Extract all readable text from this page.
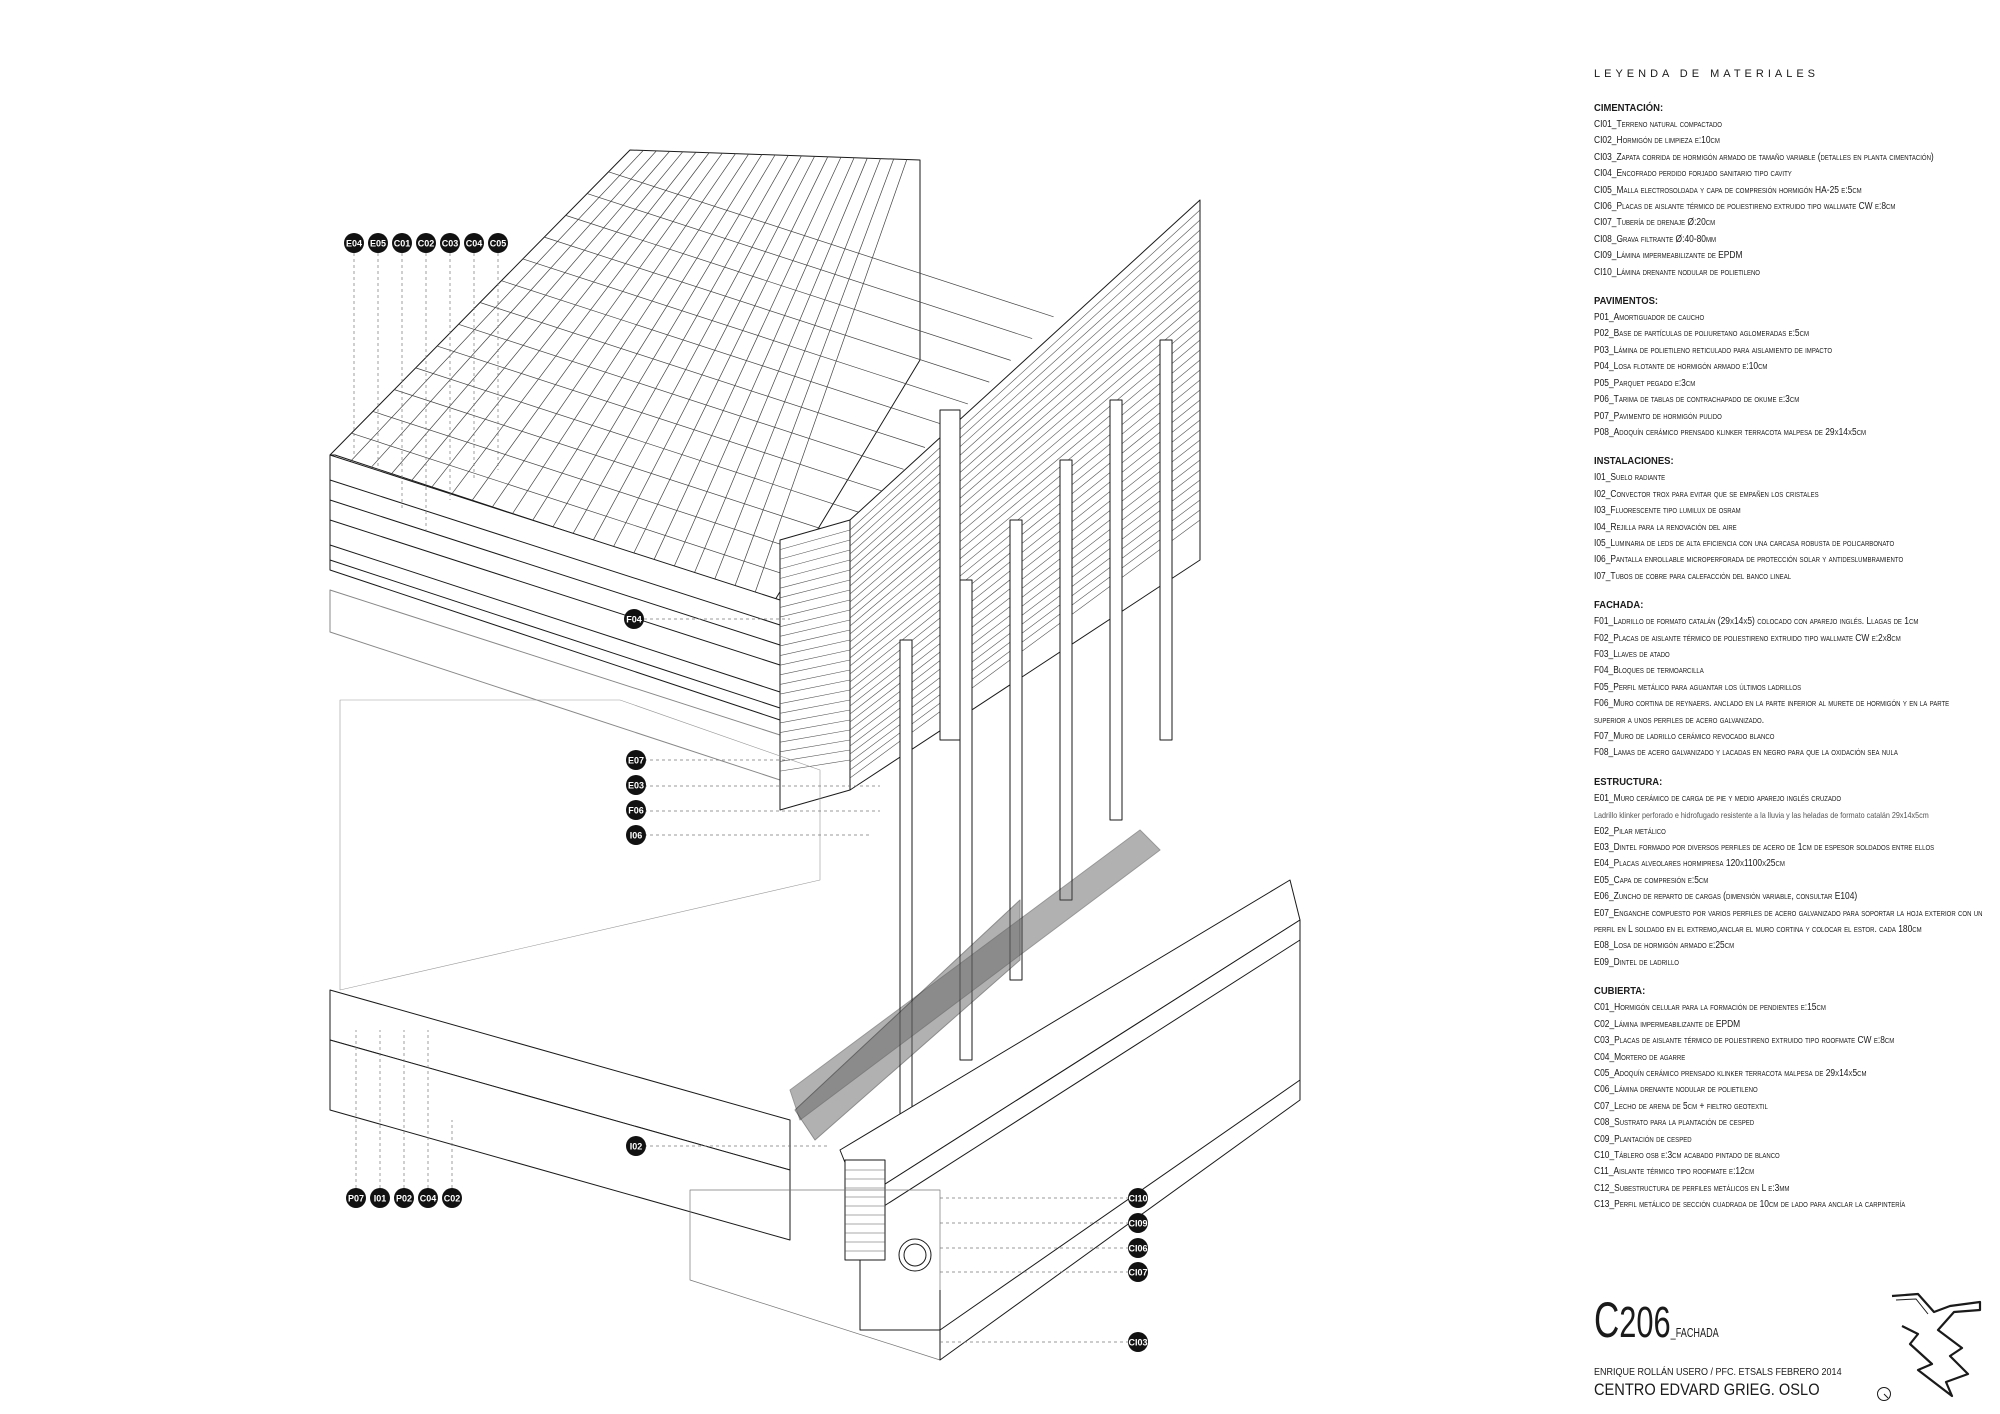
E04 E05 C01 C02 C03 C04 C05
P07 I01 P02 C04 C02
F04
E07
E03
F06
I06
I02
CI10
CI09
CI06
CI07
CI03
LEYENDA DE MATERIALES
CIMENTACIÓN:
CI01_Terreno natural compactado
CI02_Hormigón de limpieza e:10cm
CI03_Zapata corrida de hormigón armado de tamaño variable (detalles en planta cimentación)
CI04_Encofrado perdido forjado sanitario tipo cavity
CI05_Malla electrosoldada y capa de compresión hormigón HA-25 e:5cm
CI06_Placas de aislante térmico de poliestireno extruido tipo wallmate CW e:8cm
CI07_Tubería de drenaje Ø:20cm
CI08_Grava filtrante Ø:40-80mm
CI09_Lámina impermeabilizante de EPDM
CI10_Lámina drenante nodular de polietileno
PAVIMENTOS:
P01_Amortiguador de caucho
P02_Base de partículas de poliuretano aglomeradas e:5cm
P03_Lámina de polietileno reticulado para aislamiento de impacto
P04_Losa flotante de hormigón armado e:10cm
P05_Parquet pegado e:3cm
P06_Tarima de tablas de contrachapado de okume e:3cm
P07_Pavimento de hormigón pulido
P08_Adoquín cerámico prensado klinker terracota malpesa de 29x14x5cm
INSTALACIONES:
I01_Suelo radiante
I02_Convector trox para evitar que se empañen los cristales
I03_Fluorescente tipo lumilux de osram
I04_Rejilla para la renovación del aire
I05_Luminaria de leds de alta eficiencia con una carcasa robusta de policarbonato
I06_Pantalla enrollable microperforada de protección solar y antideslumbramiento
I07_Tubos de cobre para calefacción del banco lineal
FACHADA:
F01_Ladrillo de formato catalán (29x14x5) colocado con aparejo inglés. Llagas de 1cm
F02_Placas de aislante térmico de poliestireno extruido tipo wallmate CW e:2x8cm
F03_Llaves de atado
F04_Bloques de termoarcilla
F05_Perfil metálico para aguantar los últimos ladrillos
F06_Muro cortina de reynaers. anclado en la parte inferior al murete de hormigón y en la parte superior a unos perfiles de acero galvanizado.
F07_Muro de ladrillo cerámico revocado blanco
F08_Lamas de acero galvanizado y lacadas en negro para que la oxidación sea nula
ESTRUCTURA:
E01_Muro cerámico de carga de pie y medio aparejo inglés cruzado
Ladrillo klinker perforado e hidrofugado resistente a la lluvia y las heladas de formato catalán 29x14x5cm
E02_Pilar metálico
E03_Dintel formado por diversos perfiles de acero de 1cm de espesor soldados entre ellos
E04_Placas alveolares hormipresa 120x1100x25cm
E05_Capa de compresión e:5cm
E06_Zuncho de reparto de cargas (dimensión variable, consultar E104)
E07_Enganche compuesto por varios perfiles de acero galvanizado para soportar la hoja exterior con un perfil en L soldado en el extremo,anclar el muro cortina y colocar el estor. cada 180cm
E08_Losa de hormigón armado e:25cm
E09_Dintel de ladrillo
CUBIERTA:
C01_Hormigón celular para la formación de pendientes e:15cm
C02_Lámina impermeabilizante de EPDM
C03_Placas de aislante térmico de poliestireno extruido tipo roofmate CW e:8cm
C04_Mortero de agarre
C05_Adoquín cerámico prensado klinker terracota malpesa de 29x14x5cm
C06_Lámina drenante nodular de polietileno
C07_Lecho de arena de 5cm + fieltro geotextil
C08_Sustrato para la plantación de cesped
C09_Plantación de cesped
C10_Táblero osb e:3cm acabado pintado de blanco
C11_Aislante térmico tipo roofmate e:12cm
C12_Subestructura de perfiles metálicos en L e:3mm
C13_Perfil metálico de sección cuadrada de 10cm de lado para anclar la carpintería
C206_FACHADA
ENRIQUE ROLLÁN USERO / PFC. ETSALS FEBRERO 2014
CENTRO EDVARD GRIEG. OSLO
